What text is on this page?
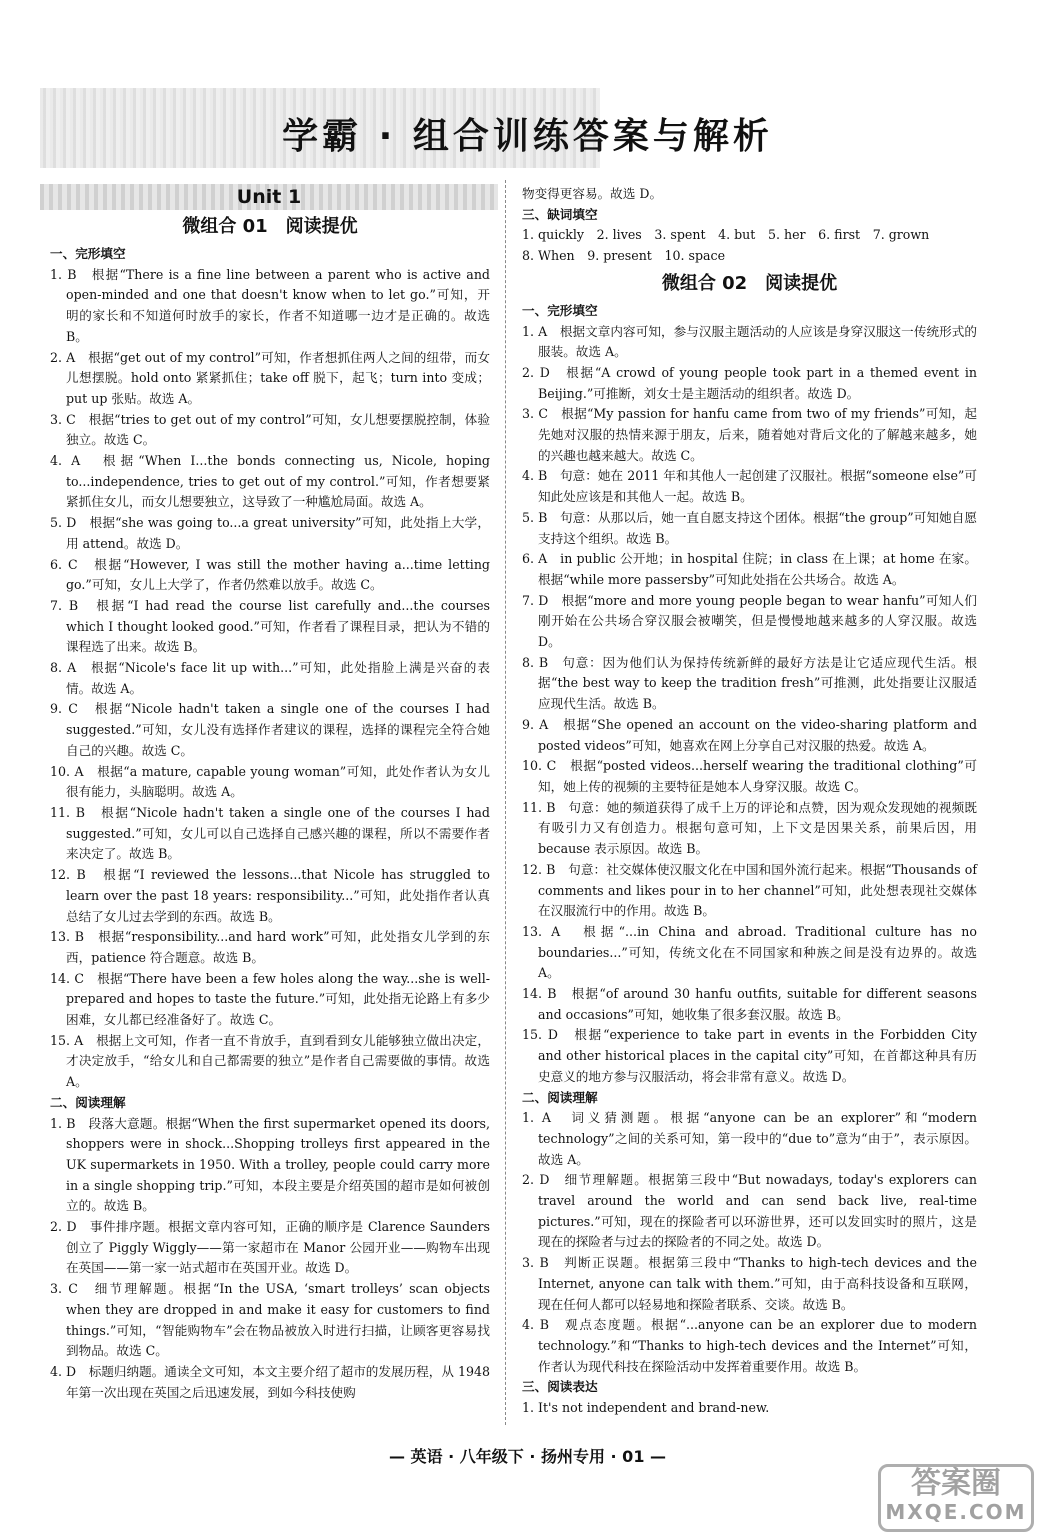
学霸 · 组合训练答案与解析
Unit 1
微组合 01　阅读提优
一、完形填空

1. B　根据“There is a fine line between a parent who is active and open-minded and one that doesn't know when to let go.”可知，开明的家长和不知道何时放手的家长，作者不知道哪一边才是正确的。故选 B。

2. A　根据“get out of my control”可知，作者想抓住两人之间的纽带，而女儿想摆脱。hold onto 紧紧抓住；take off 脱下，起飞；turn into 变成；put up 张贴。故选 A。

3. C　根据“tries to get out of my control”可知，女儿想要摆脱控制，体验独立。故选 C。

4. A　根据“When I...the bonds connecting us, Nicole, hoping to...independence, tries to get out of my control.”可知，作者想要紧紧抓住女儿，而女儿想要独立，这导致了一种尴尬局面。故选 A。

5. D　根据“she was going to...a great university”可知，此处指上大学，用 attend。故选 D。

6. C　根据“However, I was still the mother having a...time letting go.”可知，女儿上大学了，作者仍然难以放手。故选 C。

7. B　根据“I had read the course list carefully and...the courses which I thought looked good.”可知，作者看了课程目录，把认为不错的课程选了出来。故选 B。

8. A　根据“Nicole's face lit up with...”可知，此处指脸上满是兴奋的表情。故选 A。

9. C　根据“Nicole hadn't taken a single one of the courses I had suggested.”可知，女儿没有选择作者建议的课程，选择的课程完全符合她自己的兴趣。故选 C。

10. A　根据“a mature, capable young woman”可知，此处作者认为女儿很有能力，头脑聪明。故选 A。

11. B　根据“Nicole hadn't taken a single one of the courses I had suggested.”可知，女儿可以自己选择自己感兴趣的课程，所以不需要作者来决定了。故选 B。

12. B　根据“I reviewed the lessons...that Nicole has struggled to learn over the past 18 years: responsibility...”可知，此处指作者认真总结了女儿过去学到的东西。故选 B。

13. B　根据“responsibility...and hard work”可知，此处指女儿学到的东西，patience 符合题意。故选 B。

14. C　根据“There have been a few holes along the way...she is well-prepared and hopes to taste the future.”可知，此处指无论路上有多少困难，女儿都已经准备好了。故选 C。

15. A　根据上文可知，作者一直不肯放手，直到看到女儿能够独立做出决定，才决定放手，“给女儿和自己都需要的独立”是作者自己需要做的事情。故选 A。

二、阅读理解

1. B　段落大意题。根据“When the first supermarket opened its doors, shoppers were in shock...Shopping trolleys first appeared in the UK supermarkets in 1950. With a trolley, people could carry more in a single shopping trip.”可知，本段主要是介绍英国的超市是如何被创立的。故选 B。

2. D　事件排序题。根据文章内容可知，正确的顺序是 Clarence Saunders 创立了 Piggly Wiggly——第一家超市在 Manor 公园开业——购物车出现在英国——第一家一站式超市在英国开业。故选 D。

3. C　细节理解题。根据“In the USA, ‘smart trolleys’ scan objects when they are dropped in and make it easy for customers to find things.”可知，“智能购物车”会在物品被放入时进行扫描，让顾客更容易找到物品。故选 C。

4. D　标题归纳题。通读全文可知，本文主要介绍了超市的发展历程，从 1948 年第一次出现在英国之后迅速发展，到如今科技使购

物变得更容易。故选 D。

三、缺词填空

1. quickly　2. lives　3. spent　4. but　5. her　6. first　7. grown

8. When　9. present　10. space

微组合 02　阅读提优
一、完形填空

1. A　根据文章内容可知，参与汉服主题活动的人应该是身穿汉服这一传统形式的服装。故选 A。

2. D　根据“A crowd of young people took part in a themed event in Beijing.”可推断，刘女士是主题活动的组织者。故选 D。

3. C　根据“My passion for hanfu came from two of my friends”可知，起先她对汉服的热情来源于朋友，后来，随着她对背后文化的了解越来越多，她的兴趣也越来越大。故选 C。

4. B　句意：她在 2011 年和其他人一起创建了汉服社。根据“someone else”可知此处应该是和其他人一起。故选 B。

5. B　句意：从那以后，她一直自愿支持这个团体。根据“the group”可知她自愿支持这个组织。故选 B。

6. A　in public 公开地；in hospital 住院；in class 在上课；at home 在家。根据“while more passersby”可知此处指在公共场合。故选 A。

7. D　根据“more and more young people began to wear hanfu”可知人们刚开始在公共场合穿汉服会被嘲笑，但是慢慢地越来越多的人穿汉服。故选 D。

8. B　句意：因为他们认为保持传统新鲜的最好方法是让它适应现代生活。根据“the best way to keep the tradition fresh”可推测，此处指要让汉服适应现代生活。故选 B。

9. A　根据“She opened an account on the video-sharing platform and posted videos”可知，她喜欢在网上分享自己对汉服的热爱。故选 A。

10. C　根据“posted videos...herself wearing the traditional clothing”可知，她上传的视频的主要特征是她本人身穿汉服。故选 C。

11. B　句意：她的频道获得了成千上万的评论和点赞，因为观众发现她的视频既有吸引力又有创造力。根据句意可知，上下文是因果关系，前果后因，用 because 表示原因。故选 B。

12. B　句意：社交媒体使汉服文化在中国和国外流行起来。根据“Thousands of comments and likes pour in to her channel”可知，此处想表现社交媒体在汉服流行中的作用。故选 B。

13. A　根据“...in China and abroad. Traditional culture has no boundaries...”可知，传统文化在不同国家和种族之间是没有边界的。故选 A。

14. B　根据“of around 30 hanfu outfits, suitable for different seasons and occasions”可知，她收集了很多套汉服。故选 B。

15. D　根据“experience to take part in events in the Forbidden City and other historical places in the capital city”可知，在首都这种具有历史意义的地方参与汉服活动，将会非常有意义。故选 D。

二、阅读理解

1. A　词义猜测题。根据“anyone can be an explorer”和“modern technology”之间的关系可知，第一段中的“due to”意为“由于”，表示原因。故选 A。

2. D　细节理解题。根据第三段中“But nowadays, today's explorers can travel around the world and can send back live, real-time pictures.”可知，现在的探险者可以环游世界，还可以发回实时的照片，这是现在的探险者与过去的探险者的不同之处。故选 D。

3. B　判断正误题。根据第三段中“Thanks to high-tech devices and the Internet, anyone can talk with them.”可知，由于高科技设备和互联网，现在任何人都可以轻易地和探险者联系、交谈。故选 B。

4. B　观点态度题。根据“...anyone can be an explorer due to modern technology.”和“Thanks to high-tech devices and the Internet”可知，作者认为现代科技在探险活动中发挥着重要作用。故选 B。

三、阅读表达

1. It's not independent and brand-new.

— 英语 · 八年级下 · 扬州专用 · 01 —
答案圈
MXQE.COM
